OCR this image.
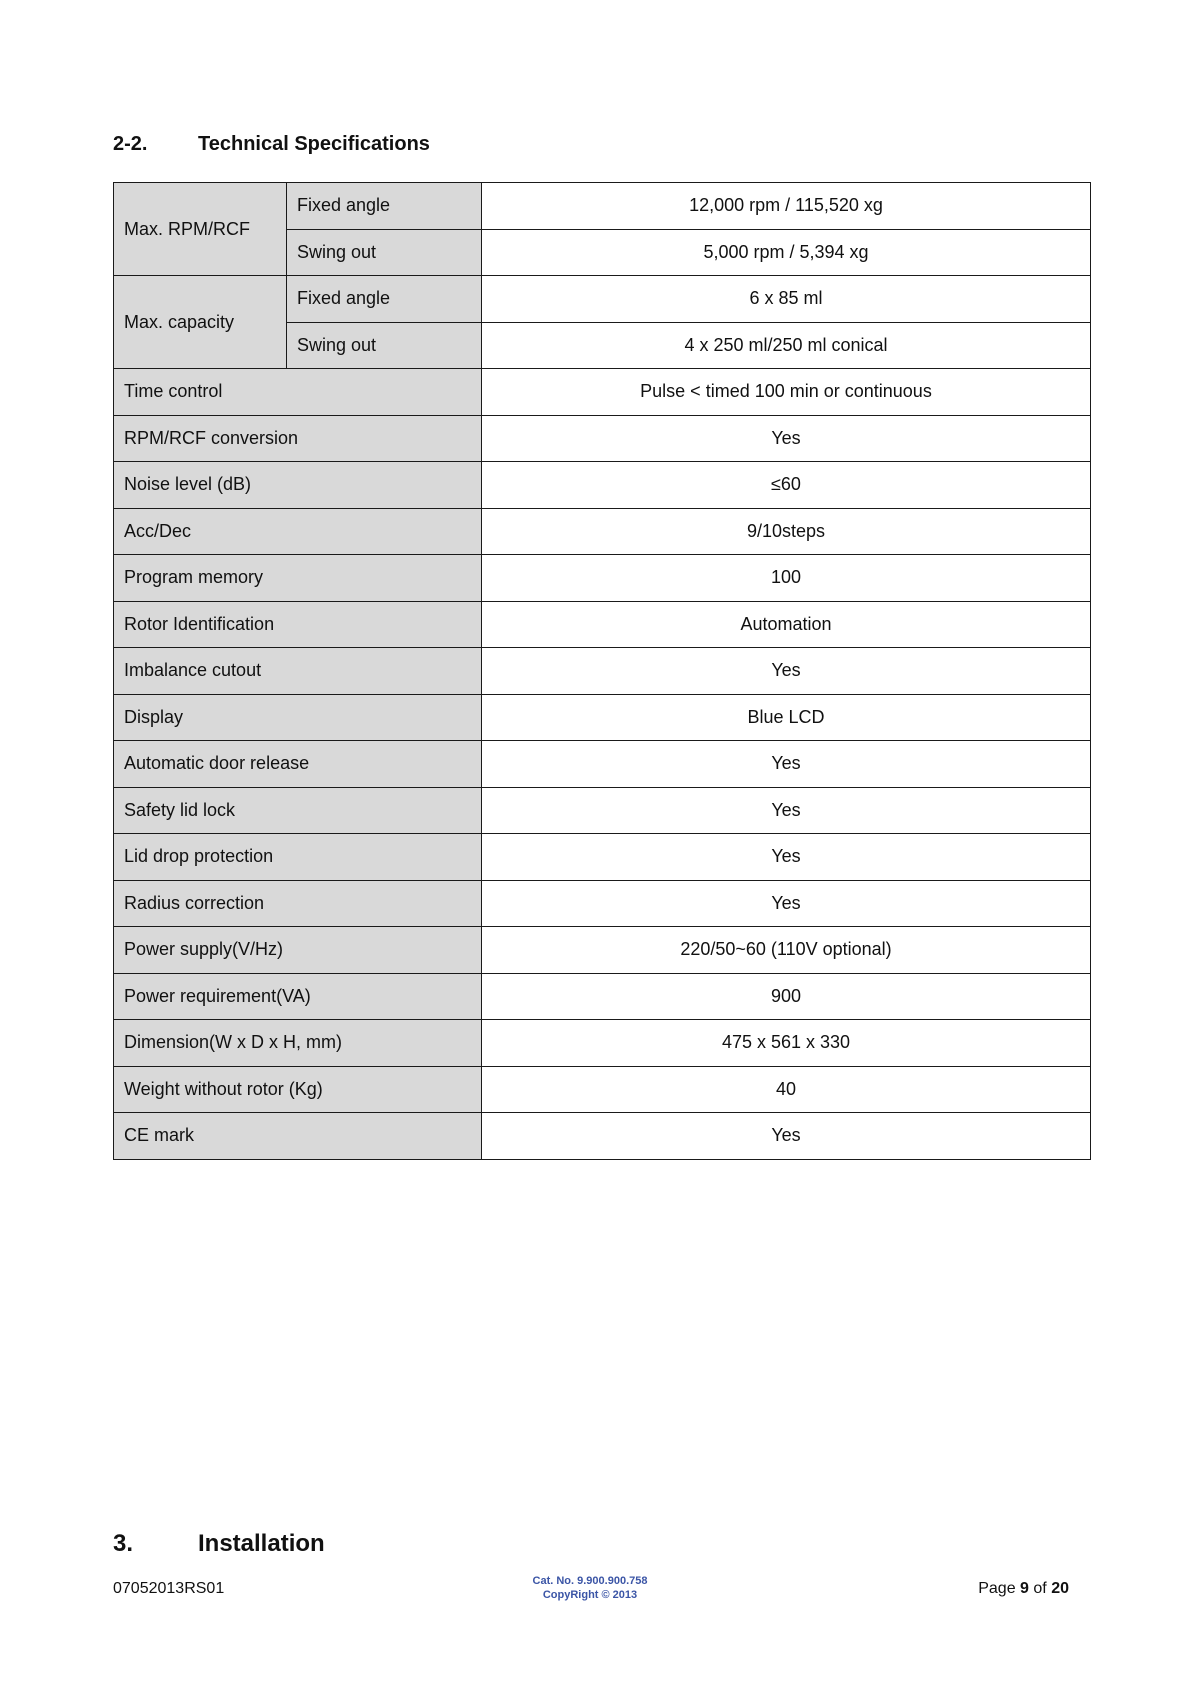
2-2.	Technical Specifications
Max. RPM/RCF	Fixed angle	12,000 rpm / 115,520 xg
	Swing out	5,000 rpm / 5,394 xg
Max. capacity	Fixed angle	6 x 85 ml
	Swing out	4 x 250 ml/250 ml conical
Time control		Pulse < timed 100 min or continuous
RPM/RCF conversion		Yes
Noise level (dB)		≤60
Acc/Dec		9/10steps
Program memory		100
Rotor Identification		Automation
Imbalance cutout		Yes
Display		Blue LCD
Automatic door release		Yes
Safety lid lock		Yes
Lid drop protection		Yes
Radius correction		Yes
Power supply(V/Hz)		220/50~60 (110V optional)
Power requirement(VA)		900
Dimension(W x D x H, mm)		475 x 561 x 330
Weight without rotor (Kg)		40
CE mark		Yes
3.	Installation
07052013RS01	Cat. No. 9.900.900.758
CopyRight © 2013	Page 9 of 20
